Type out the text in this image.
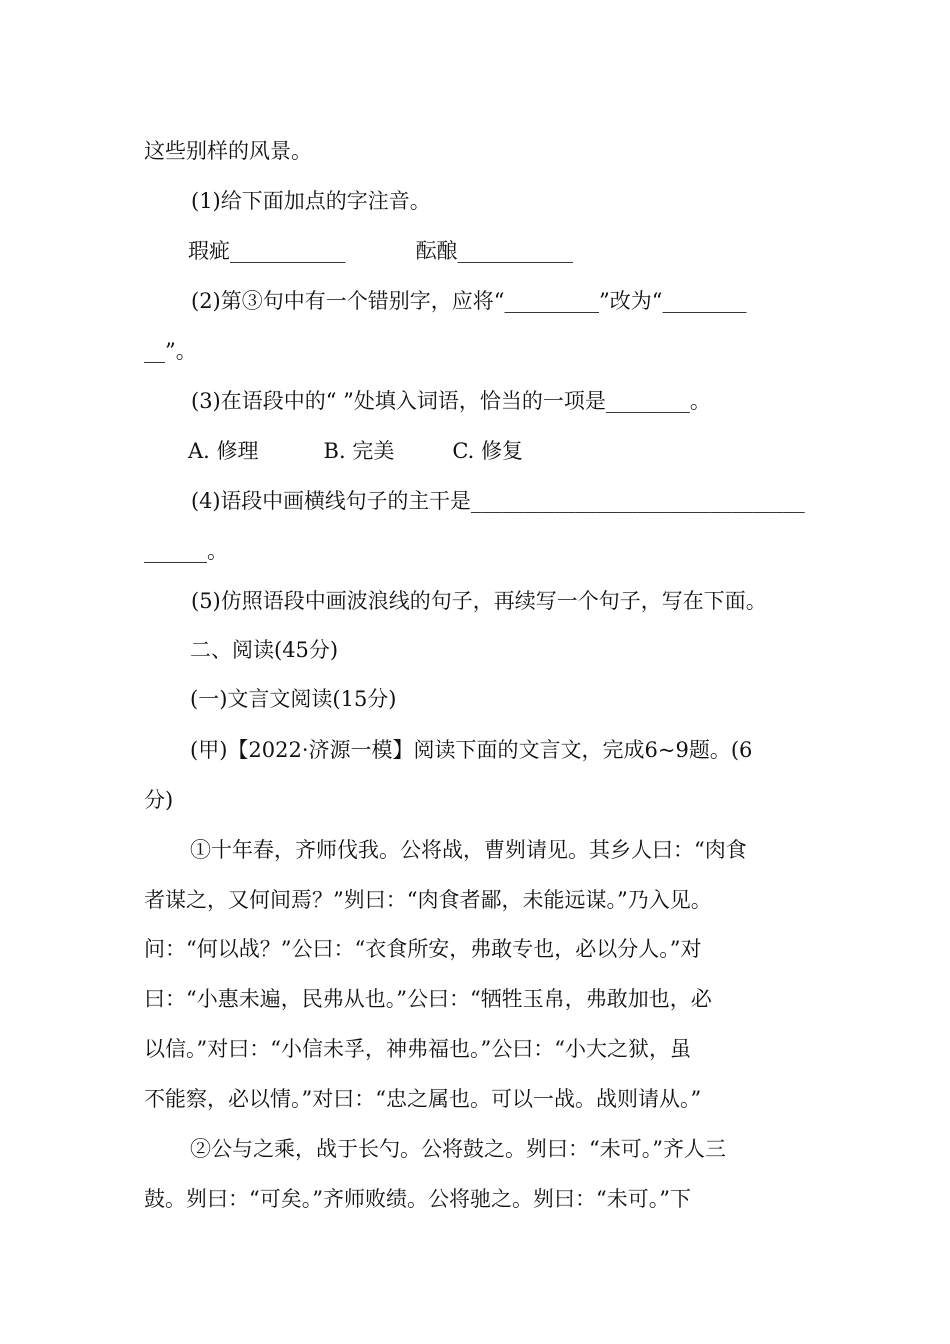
这些别样的风景。
(1)给下面加点的字注音。
瑕疵___________	酝酿___________
(2)第③句中有一个错别字，应将“_________”改为“________
__”。
(3)在语段中的“ ”处填入词语，恰当的一项是________。
A. 修理	B. 完美	C. 修复
(4)语段中画横线句子的主干是________________________________
______。
(5)仿照语段中画波浪线的句子，再续写一个句子，写在下面。
二、阅读(45分)
(一)文言文阅读(15分)
(甲)【2022·济源一模】阅读下面的文言文，完成6~9题。(6
分)
①十年春，齐师伐我。公将战，曹刿请见。其乡人曰：“肉食
者谋之，又何间焉？”刿曰：“肉食者鄙，未能远谋。”乃入见。
问：“何以战？”公曰：“衣食所安，弗敢专也，必以分人。”对
曰：“小惠未遍，民弗从也。”公曰：“牺牲玉帛，弗敢加也，必
以信。”对曰：“小信未孚，神弗福也。”公曰：“小大之狱，虽
不能察，必以情。”对曰：“忠之属也。可以一战。战则请从。”
②公与之乘，战于长勺。公将鼓之。刿曰：“未可。”齐人三
鼓。刿曰：“可矣。”齐师败绩。公将驰之。刿曰：“未可。”下
